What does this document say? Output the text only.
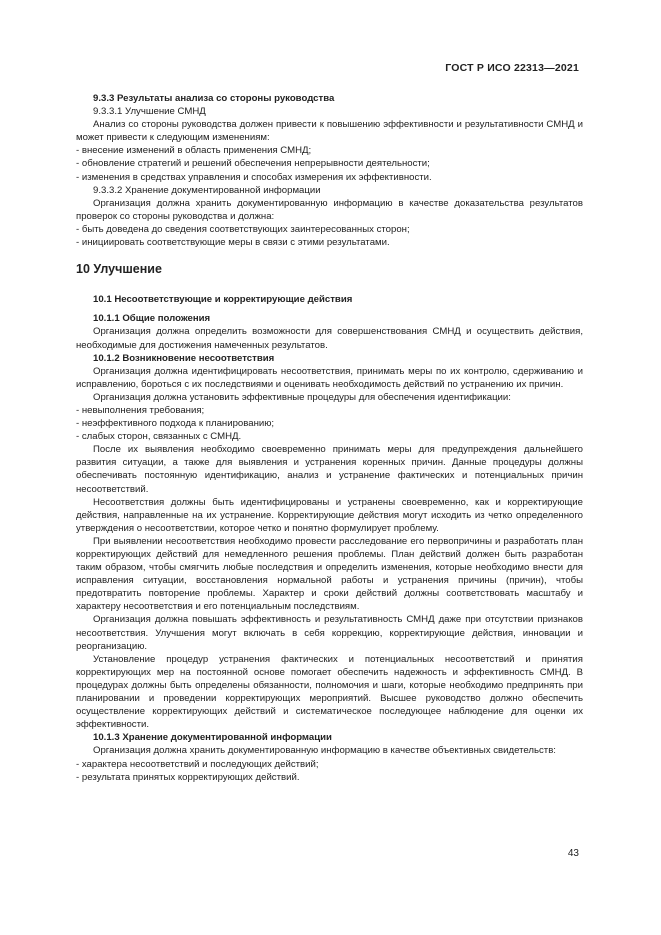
ГОСТ Р ИСО 22313—2021

9.3.3 Результаты анализа со стороны руководства

9.3.3.1 Улучшение СМНД

Анализ со стороны руководства должен привести к повышению эффективности и результативности СМНД и может привести к следующим изменениям:

- внесение изменений в область применения СМНД;

- обновление стратегий и решений обеспечения непрерывности деятельности;

- изменения в средствах управления и способах измерения их эффективности.

9.3.3.2 Хранение документированной информации

Организация должна хранить документированную информацию в качестве доказательства результатов проверок со стороны руководства и должна:

- быть доведена до сведения соответствующих заинтересованных сторон;

- инициировать соответствующие меры в связи с этими результатами.

10 Улучшение

10.1 Несоответствующие и корректирующие действия

10.1.1 Общие положения

Организация должна определить возможности для совершенствования СМНД и осуществить действия, необходимые для достижения намеченных результатов.

10.1.2 Возникновение несоответствия

Организация должна идентифицировать несоответствия, принимать меры по их контролю, сдерживанию и исправлению, бороться с их последствиями и оценивать необходимость действий по устранению их причин.

Организация должна установить эффективные процедуры для обеспечения идентификации:

- невыполнения требования;

- неэффективного подхода к планированию;

- слабых сторон, связанных с СМНД.

После их выявления необходимо своевременно принимать меры для предупреждения дальнейшего развития ситуации, а также для выявления и устранения коренных причин. Данные процедуры должны обеспечивать постоянную идентификацию, анализ и устранение фактических и потенциальных причин несоответствий.

Несоответствия должны быть идентифицированы и устранены своевременно, как и корректирующие действия, направленные на их устранение. Корректирующие действия могут исходить из четко определенного утверждения о несоответствии, которое четко и понятно формулирует проблему.

При выявлении несоответствия необходимо провести расследование его первопричины и разработать план корректирующих действий для немедленного решения проблемы. План действий должен быть разработан таким образом, чтобы смягчить любые последствия и определить изменения, которые необходимо внести для исправления ситуации, восстановления нормальной работы и устранения причины (причин), чтобы предотвратить повторение проблемы. Характер и сроки действий должны соответствовать масштабу и характеру несоответствия и его потенциальным последствиям.

Организация должна повышать эффективность и результативность СМНД даже при отсутствии признаков несоответствия. Улучшения могут включать в себя коррекцию, корректирующие действия, инновации и реорганизацию.

Установление процедур устранения фактических и потенциальных несоответствий и принятия корректирующих мер на постоянной основе помогает обеспечить надежность и эффективность СМНД. В процедурах должны быть определены обязанности, полномочия и шаги, которые необходимо предпринять при планировании и проведении корректирующих мероприятий. Высшее руководство должно обеспечить осуществление корректирующих действий и систематическое последующее наблюдение для оценки их эффективности.

10.1.3 Хранение документированной информации

Организация должна хранить документированную информацию в качестве объективных свидетельств:

- характера несоответствий и последующих действий;

- результата принятых корректирующих действий.

43
